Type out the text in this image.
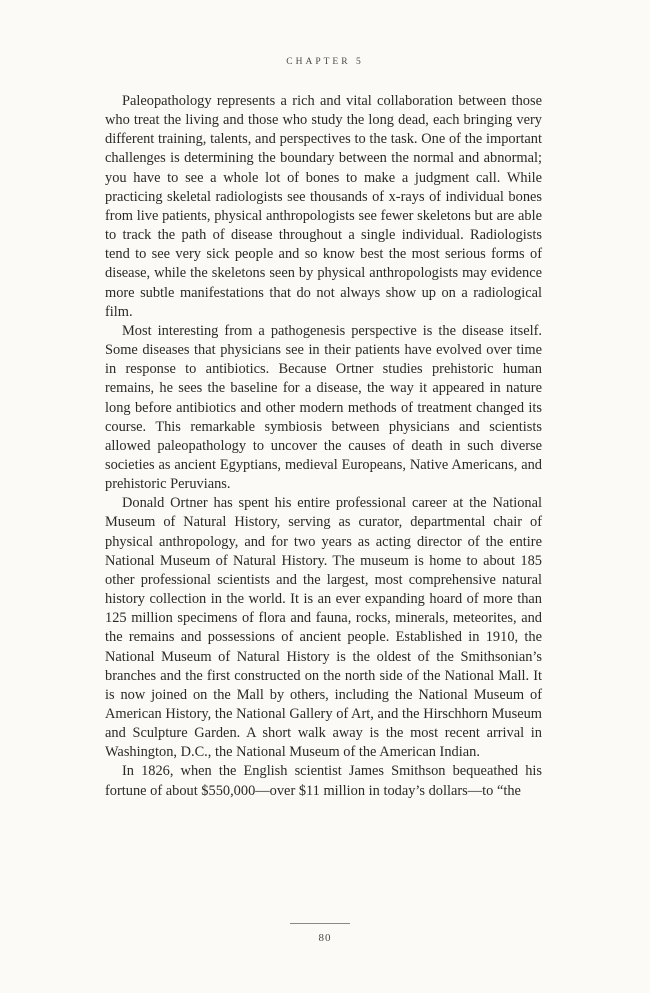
CHAPTER 5

Paleopathology represents a rich and vital collaboration between those who treat the living and those who study the long dead, each bringing very different training, talents, and perspectives to the task. One of the important challenges is determining the boundary between the normal and abnormal; you have to see a whole lot of bones to make a judgment call. While practicing skeletal radiologists see thousands of x-rays of individual bones from live patients, physical anthropologists see fewer skeletons but are able to track the path of disease throughout a single individual. Radiologists tend to see very sick people and so know best the most serious forms of disease, while the skeletons seen by physical anthropologists may evidence more subtle manifestations that do not always show up on a radiological film.

Most interesting from a pathogenesis perspective is the disease itself. Some diseases that physicians see in their patients have evolved over time in response to antibiotics. Because Ortner studies prehistoric human remains, he sees the baseline for a disease, the way it appeared in nature long before antibiotics and other modern methods of treatment changed its course. This remarkable symbiosis between physicians and scientists allowed paleopathology to uncover the causes of death in such diverse societies as ancient Egyptians, medieval Europeans, Native Americans, and prehistoric Peruvians.

Donald Ortner has spent his entire professional career at the National Museum of Natural History, serving as curator, departmental chair of physical anthropology, and for two years as acting director of the entire National Museum of Natural History. The museum is home to about 185 other professional scientists and the largest, most comprehensive natural history collection in the world. It is an ever expanding hoard of more than 125 million specimens of flora and fauna, rocks, minerals, meteorites, and the remains and possessions of ancient people. Established in 1910, the National Museum of Natural History is the oldest of the Smithsonian’s branches and the first constructed on the north side of the National Mall. It is now joined on the Mall by others, including the National Museum of American History, the National Gallery of Art, and the Hirschhorn Museum and Sculpture Garden. A short walk away is the most recent arrival in Washington, D.C., the National Museum of the American Indian.

In 1826, when the English scientist James Smithson bequeathed his fortune of about $550,000—over $11 million in today’s dollars—to “the

80
